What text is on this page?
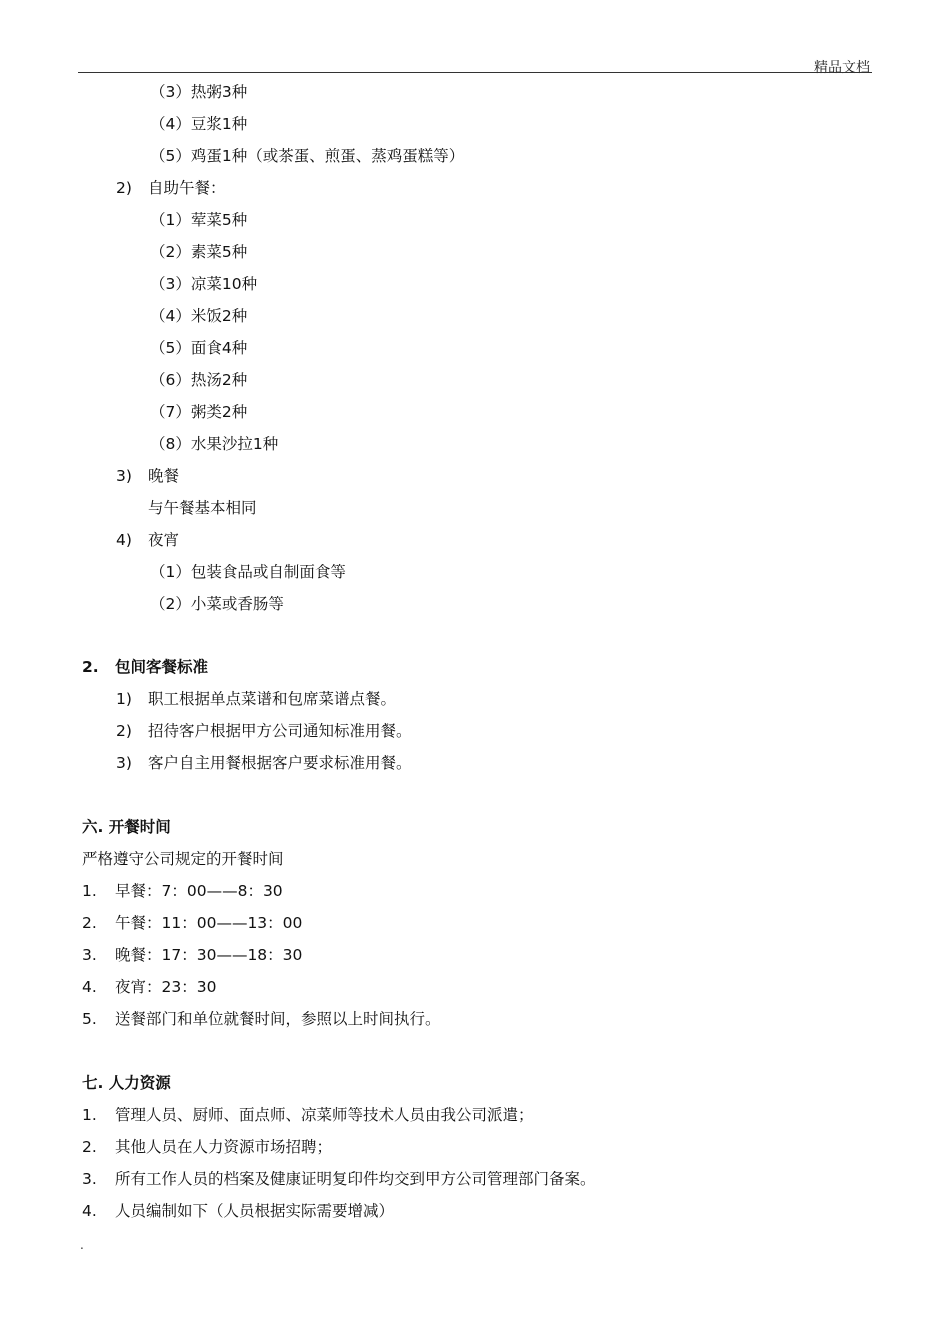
精品文档
（3）热粥3种
（4）豆浆1种
（5）鸡蛋1种（或茶蛋、煎蛋、蒸鸡蛋糕等）
2) 自助午餐：
（1）荤菜5种
（2）素菜5种
（3）凉菜10种
（4）米饭2种
（5）面食4种
（6）热汤2种
（7）粥类2种
（8）水果沙拉1种
3) 晚餐
与午餐基本相同
4) 夜宵
（1）包装食品或自制面食等
（2）小菜或香肠等
2. 包间客餐标准
1) 职工根据单点菜谱和包席菜谱点餐。
2) 招待客户根据甲方公司通知标准用餐。
3) 客户自主用餐根据客户要求标准用餐。
六. 开餐时间
严格遵守公司规定的开餐时间
1. 早餐：7：00——8：30
2. 午餐：11：00——13：00
3. 晚餐：17：30——18：30
4. 夜宵：23：30
5. 送餐部门和单位就餐时间，参照以上时间执行。
七. 人力资源
1. 管理人员、厨师、面点师、凉菜师等技术人员由我公司派遣；
2. 其他人员在人力资源市场招聘；
3. 所有工作人员的档案及健康证明复印件均交到甲方公司管理部门备案。
4. 人员编制如下（人员根据实际需要增减）
.
